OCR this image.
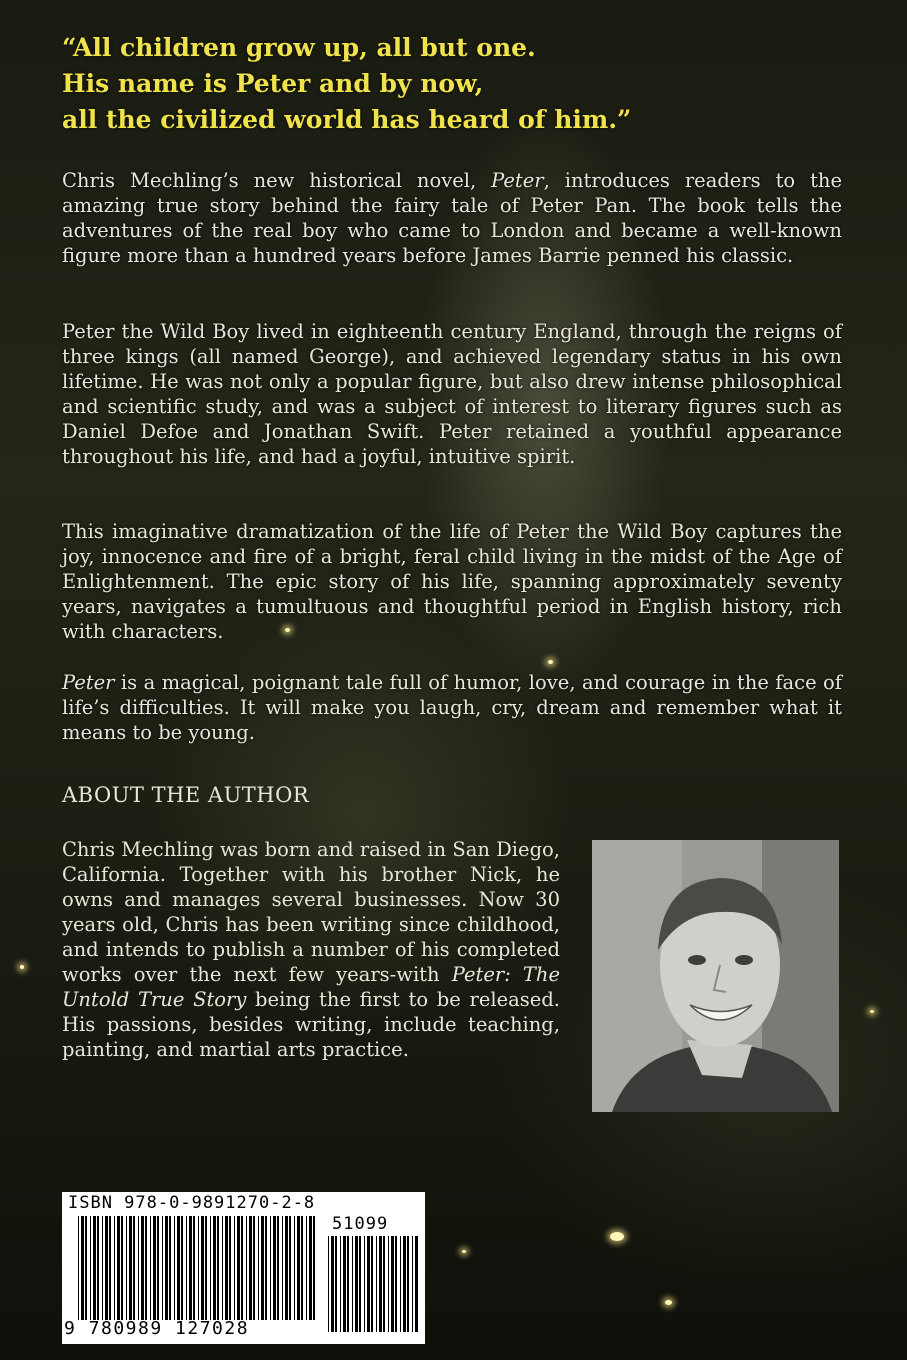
“All children grow up, all but one.
His name is Peter and by now,
all the civilized world has heard of him.”
Chris Mechling’s new historical novel, Peter, introduces readers to the amazing true story behind the fairy tale of Peter Pan. The book tells the adventures of the real boy who came to London and became a well-known figure more than a hundred years before James Barrie penned his classic.
Peter the Wild Boy lived in eighteenth century England, through the reigns of three kings (all named George), and achieved legendary status in his own lifetime. He was not only a popular figure, but also drew intense philosophical and scientific study, and was a subject of interest to literary figures such as Daniel Defoe and Jonathan Swift. Peter retained a youthful appearance throughout his life, and had a joyful, intuitive spirit.
This imaginative dramatization of the life of Peter the Wild Boy captures the joy, innocence and fire of a bright, feral child living in the midst of the Age of Enlightenment. The epic story of his life, spanning approximately seventy years, navigates a tumultuous and thoughtful period in English history, rich with characters.
Peter is a magical, poignant tale full of humor, love, and courage in the face of life’s difficulties. It will make you laugh, cry, dream and remember what it means to be young.
ABOUT THE AUTHOR
Chris Mechling was born and raised in San Diego, California. Together with his brother Nick, he owns and manages several businesses. Now 30 years old, Chris has been writing since childhood, and intends to publish a number of his completed works over the next few years-with Peter: The Untold True Story being the first to be released. His passions, besides writing, include teaching, painting, and martial arts practice.
ISBN 978-0-9891270-2-8
51099
9 780989 127028
